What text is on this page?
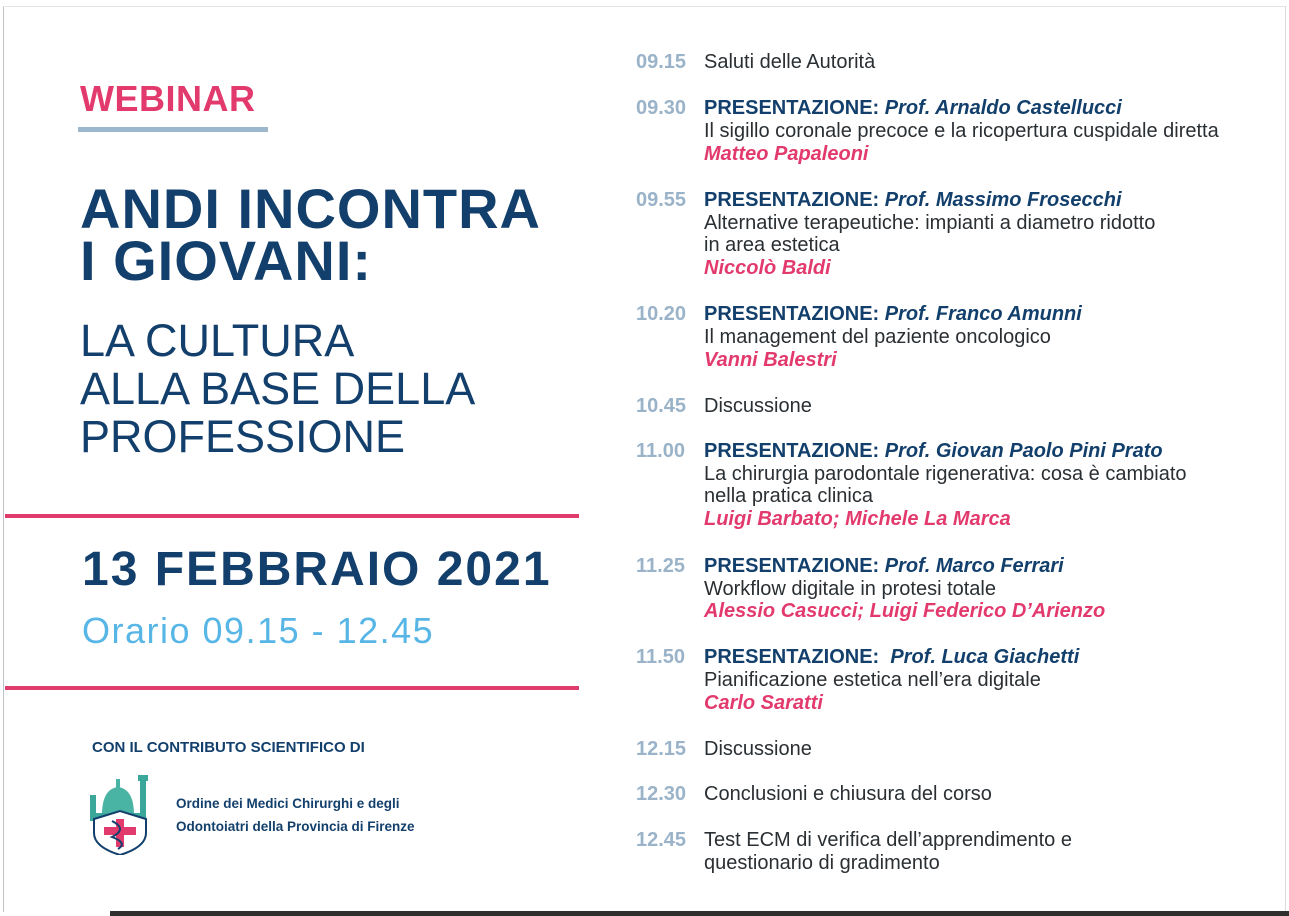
WEBINAR
ANDI INCONTRA
I GIOVANI:
LA CULTURA
ALLA BASE DELLA
PROFESSIONE
13 FEBBRAIO 2021
Orario 09.15 - 12.45
CON IL CONTRIBUTO SCIENTIFICO DI
Ordine dei Medici Chirurghi e degli
Odontoiatri della Provincia di Firenze
09.15 Saluti delle Autorità
09.30 PRESENTAZIONE: Prof. Arnaldo Castellucci
Il sigillo coronale precoce e la ricopertura cuspidale diretta
Matteo Papaleoni
09.55 PRESENTAZIONE: Prof. Massimo Frosecchi
Alternative terapeutiche: impianti a diametro ridotto
in area estetica
Niccolò Baldi
10.20 PRESENTAZIONE: Prof. Franco Amunni
Il management del paziente oncologico
Vanni Balestri
10.45 Discussione
11.00 PRESENTAZIONE: Prof. Giovan Paolo Pini Prato
La chirurgia parodontale rigenerativa: cosa è cambiato
nella pratica clinica
Luigi Barbato; Michele La Marca
11.25 PRESENTAZIONE: Prof. Marco Ferrari
Workflow digitale in protesi totale
Alessio Casucci; Luigi Federico D’Arienzo
11.50 PRESENTAZIONE: Prof. Luca Giachetti
Pianificazione estetica nell’era digitale
Carlo Saratti
12.15 Discussione
12.30 Conclusioni e chiusura del corso
12.45 Test ECM di verifica dell’apprendimento e
questionario di gradimento
